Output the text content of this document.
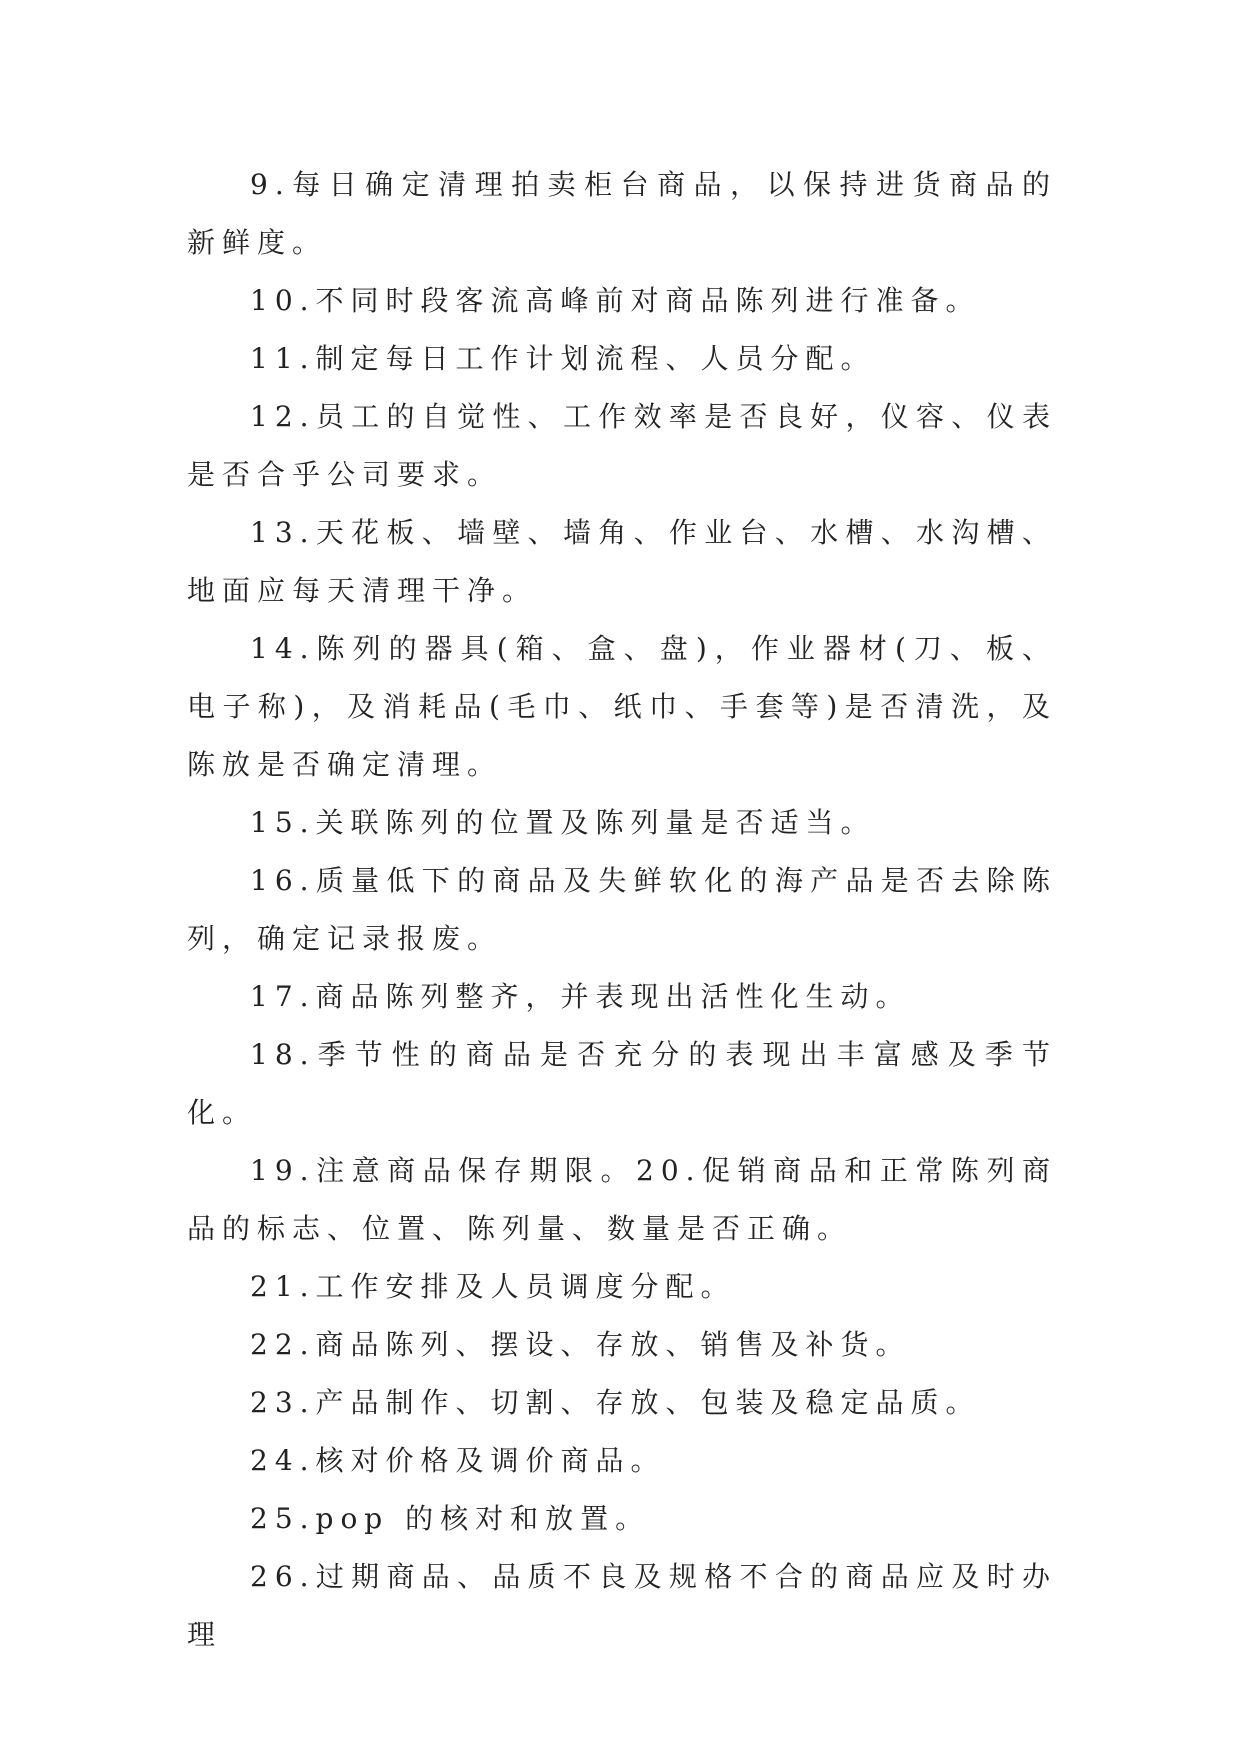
9.每日确定清理拍卖柜台商品，以保持进货商品的新鲜度。

10.不同时段客流高峰前对商品陈列进行准备。

11.制定每日工作计划流程、人员分配。

12.员工的自觉性、工作效率是否良好，仪容、仪表是否合乎公司要求。

13.天花板、墙壁、墙角、作业台、水槽、水沟槽、地面应每天清理干净。

14.陈列的器具(箱、盒、盘)，作业器材(刀、板、电子称)，及消耗品(毛巾、纸巾、手套等)是否清洗，及陈放是否确定清理。

15.关联陈列的位置及陈列量是否适当。

16.质量低下的商品及失鲜软化的海产品是否去除陈列，确定记录报废。

17.商品陈列整齐，并表现出活性化生动。

18.季节性的商品是否充分的表现出丰富感及季节化。

19.注意商品保存期限。20.促销商品和正常陈列商品的标志、位置、陈列量、数量是否正确。

21.工作安排及人员调度分配。

22.商品陈列、摆设、存放、销售及补货。

23.产品制作、切割、存放、包装及稳定品质。

24.核对价格及调价商品。

25.pop 的核对和放置。

26.过期商品、品质不良及规格不合的商品应及时办理
